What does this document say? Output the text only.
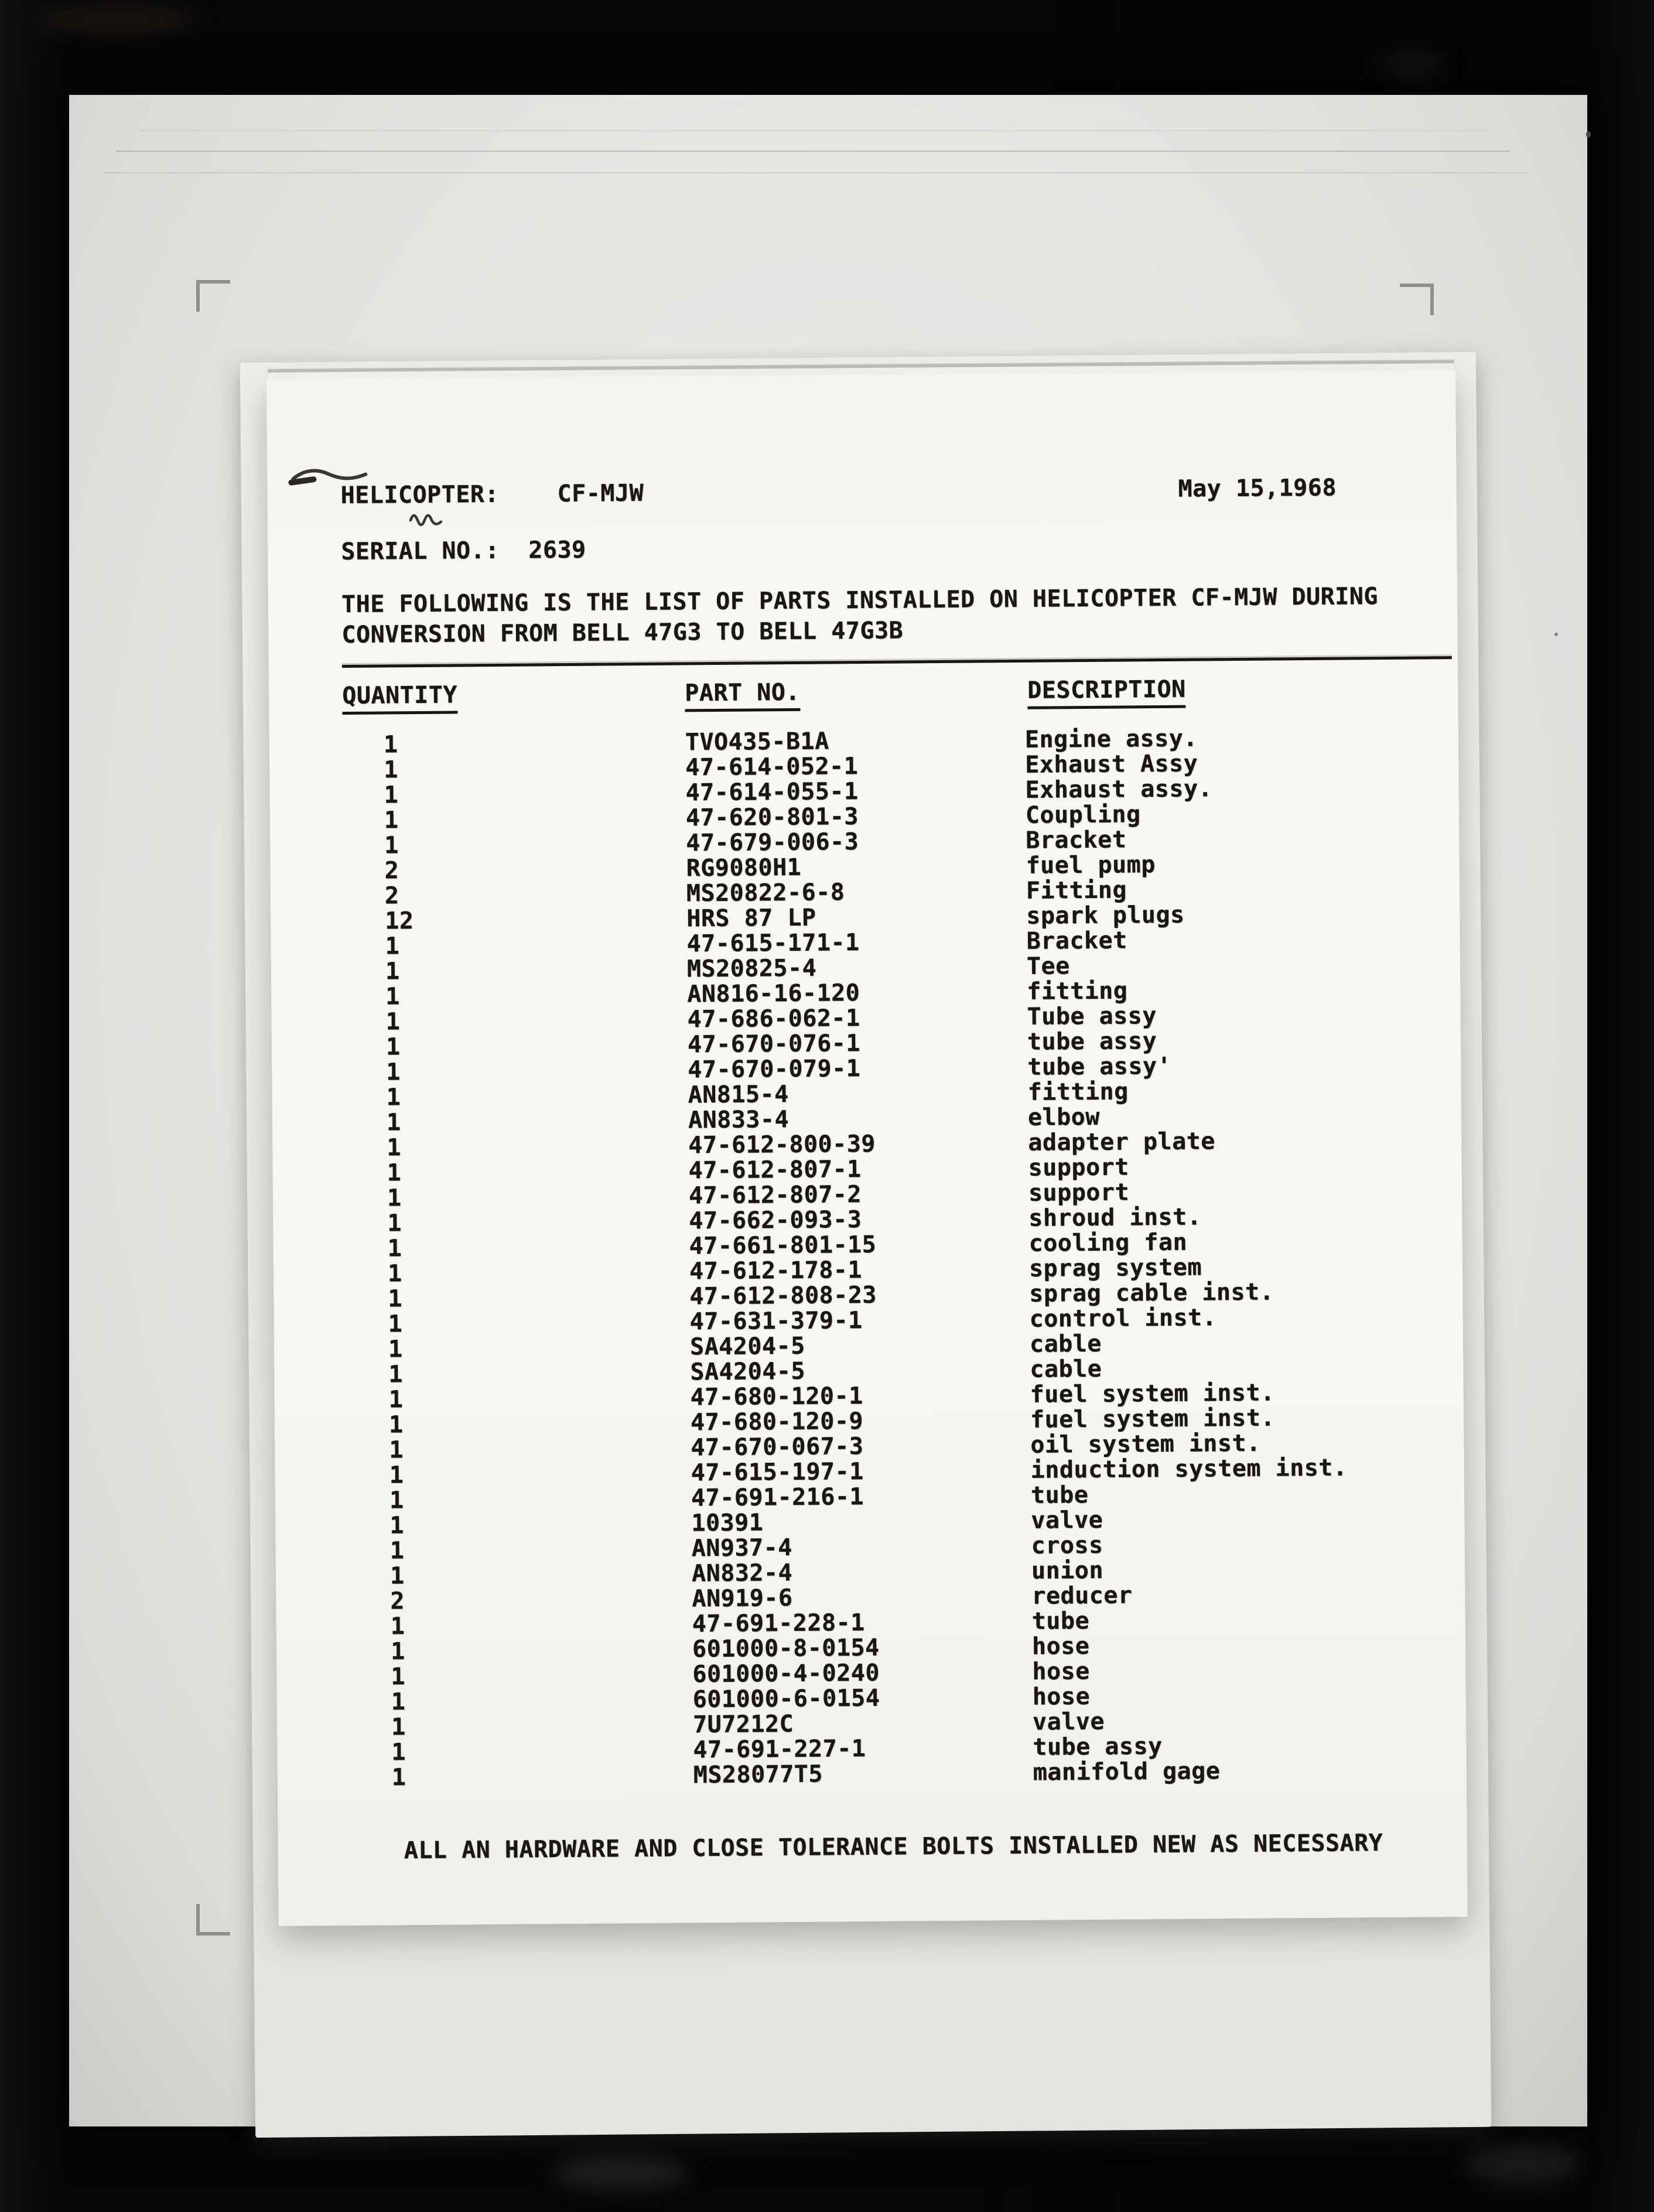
HELICOPTER: CF-MJW	May 15,1968
SERIAL NO.: 2639
THE FOLLOWING IS THE LIST OF PARTS INSTALLED ON HELICOPTER CF-MJW DURING
CONVERSION FROM BELL 47G3 TO BELL 47G3B
QUANTITY	PART NO.	DESCRIPTION
1	TVO435-B1A	Engine assy.
1	47-614-052-1	Exhaust Assy
1	47-614-055-1	Exhaust assy.
1	47-620-801-3	Coupling
1	47-679-006-3	Bracket
2	RG9080H1	fuel pump
2	MS20822-6-8	Fitting
12	HRS 87 LP	spark plugs
1	47-615-171-1	Bracket
1	MS20825-4	Tee
1	AN816-16-120	fitting
1	47-686-062-1	Tube assy
1	47-670-076-1	tube assy
1	47-670-079-1	tube assy'
1	AN815-4	fitting
1	AN833-4	elbow
1	47-612-800-39	adapter plate
1	47-612-807-1	support
1	47-612-807-2	support
1	47-662-093-3	shroud inst.
1	47-661-801-15	cooling fan
1	47-612-178-1	sprag system
1	47-612-808-23	sprag cable inst.
1	47-631-379-1	control inst.
1	SA4204-5	cable
1	SA4204-5	cable
1	47-680-120-1	fuel system inst.
1	47-680-120-9	fuel system inst.
1	47-670-067-3	oil system inst.
1	47-615-197-1	induction system inst.
1	47-691-216-1	tube
1	10391	valve
1	AN937-4	cross
1	AN832-4	union
2	AN919-6	reducer
1	47-691-228-1	tube
1	601000-8-0154	hose
1	601000-4-0240	hose
1	601000-6-0154	hose
1	7U7212C	valve
1	47-691-227-1	tube assy
1	MS28077T5	manifold gage
ALL AN HARDWARE AND CLOSE TOLERANCE BOLTS INSTALLED NEW AS NECESSARY
